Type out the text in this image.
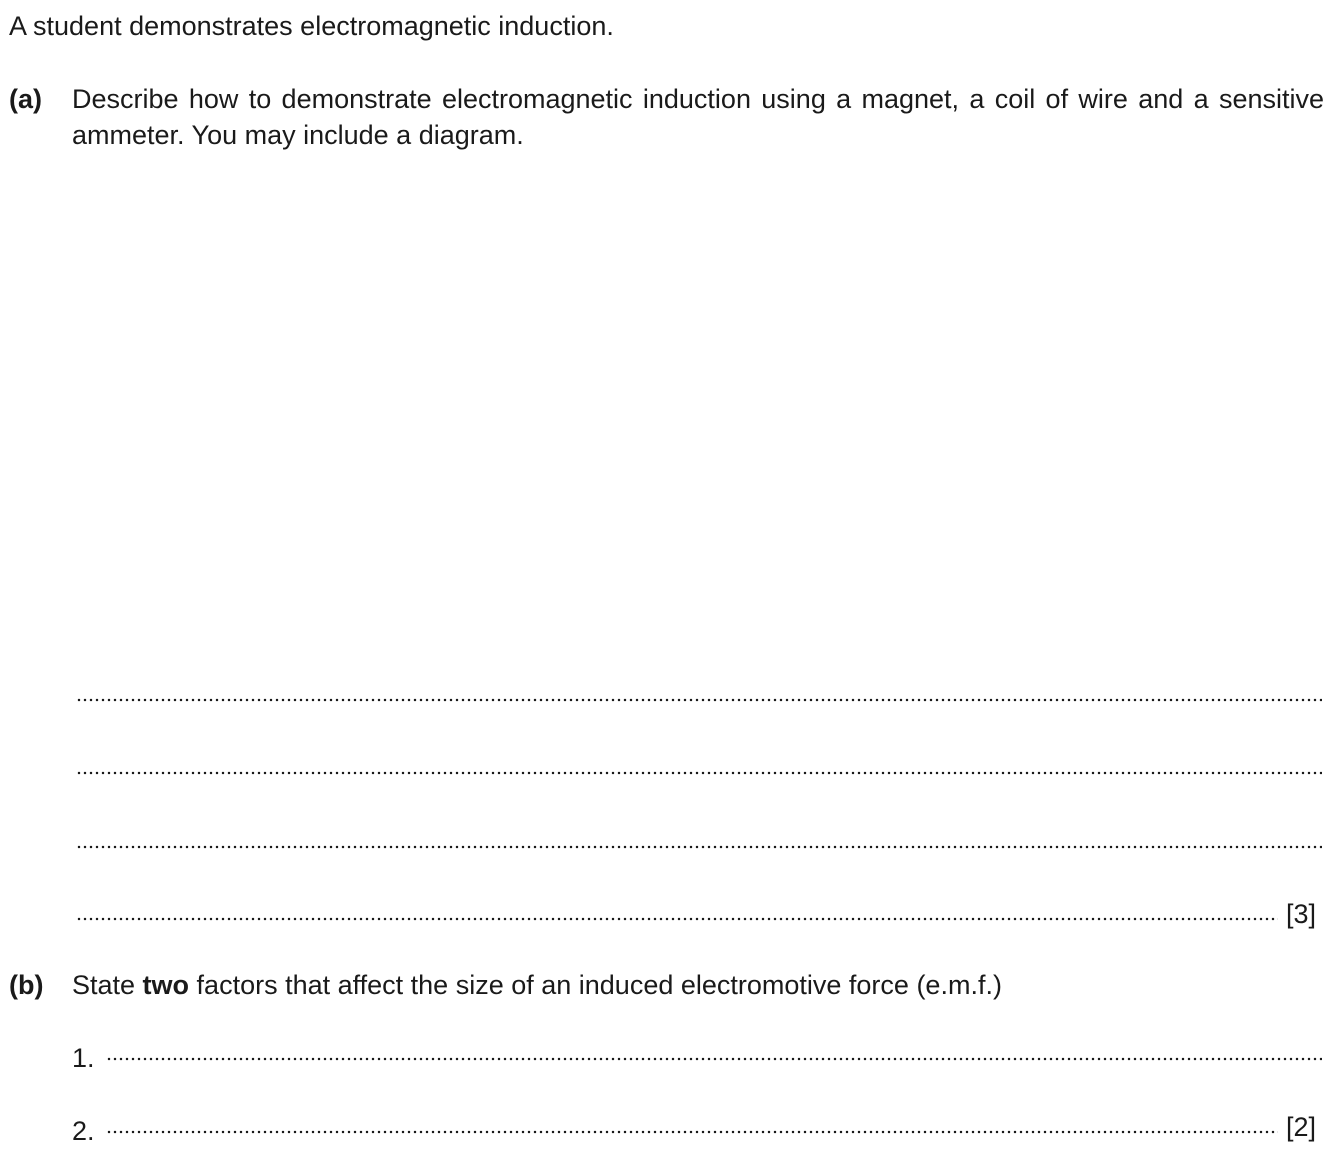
A student demonstrates electromagnetic induction.
(a) Describe how to demonstrate electromagnetic induction using a magnet, a coil of wire and a sensitive ammeter. You may include a diagram.
[3]
(b) State two factors that affect the size of an induced electromotive force (e.m.f.)
1.
2.	[2]
